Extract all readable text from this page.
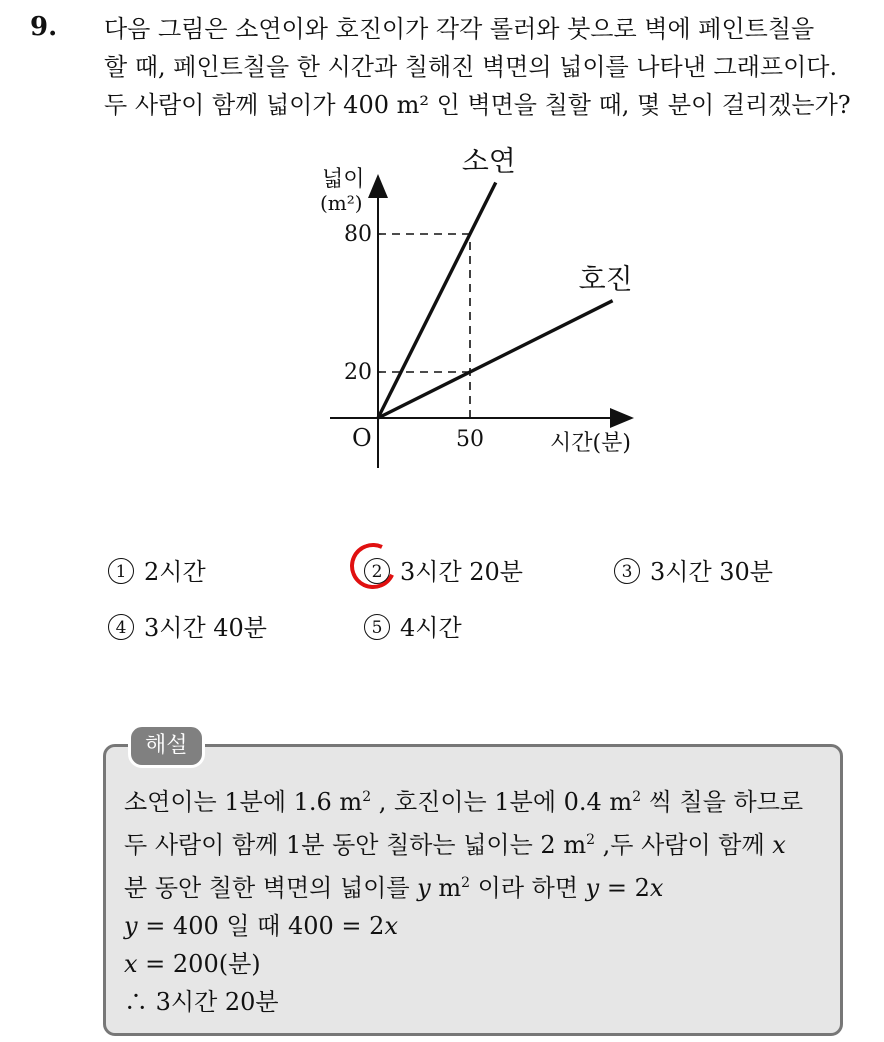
9. 다음 그림은 소연이와 호진이가 각각 롤러와 붓으로 벽에 페인트칠을
할 때, 페인트칠을 한 시간과 칠해진 벽면의 넓이를 나타낸 그래프이다.
두 사람이 함께 넓이가 400 m² 인 벽면을 칠할 때, 몇 분이 걸리겠는가?
소연
호진
20
80
50
넓이
(m²)
시간(분)
O
1 2시간	2 3시간 20분	3 3시간 30분
4 3시간 40분	5 4시간
해설
소연이는 1분에 1.6 $m^2$ , 호진이는 1분에 0.4 $m^2$ 씩 칠을 하므로
두 사람이 함께 1분 동안 칠하는 넓이는 2 $m^2$ ,두 사람이 함께 x
분 동안 칠한 벽면의 넓이를 y $m^2$ 이라 하면 y = 2x
y = 400 일 때 400 = 2x
x = 200(분)
∴ 3시간 20분
